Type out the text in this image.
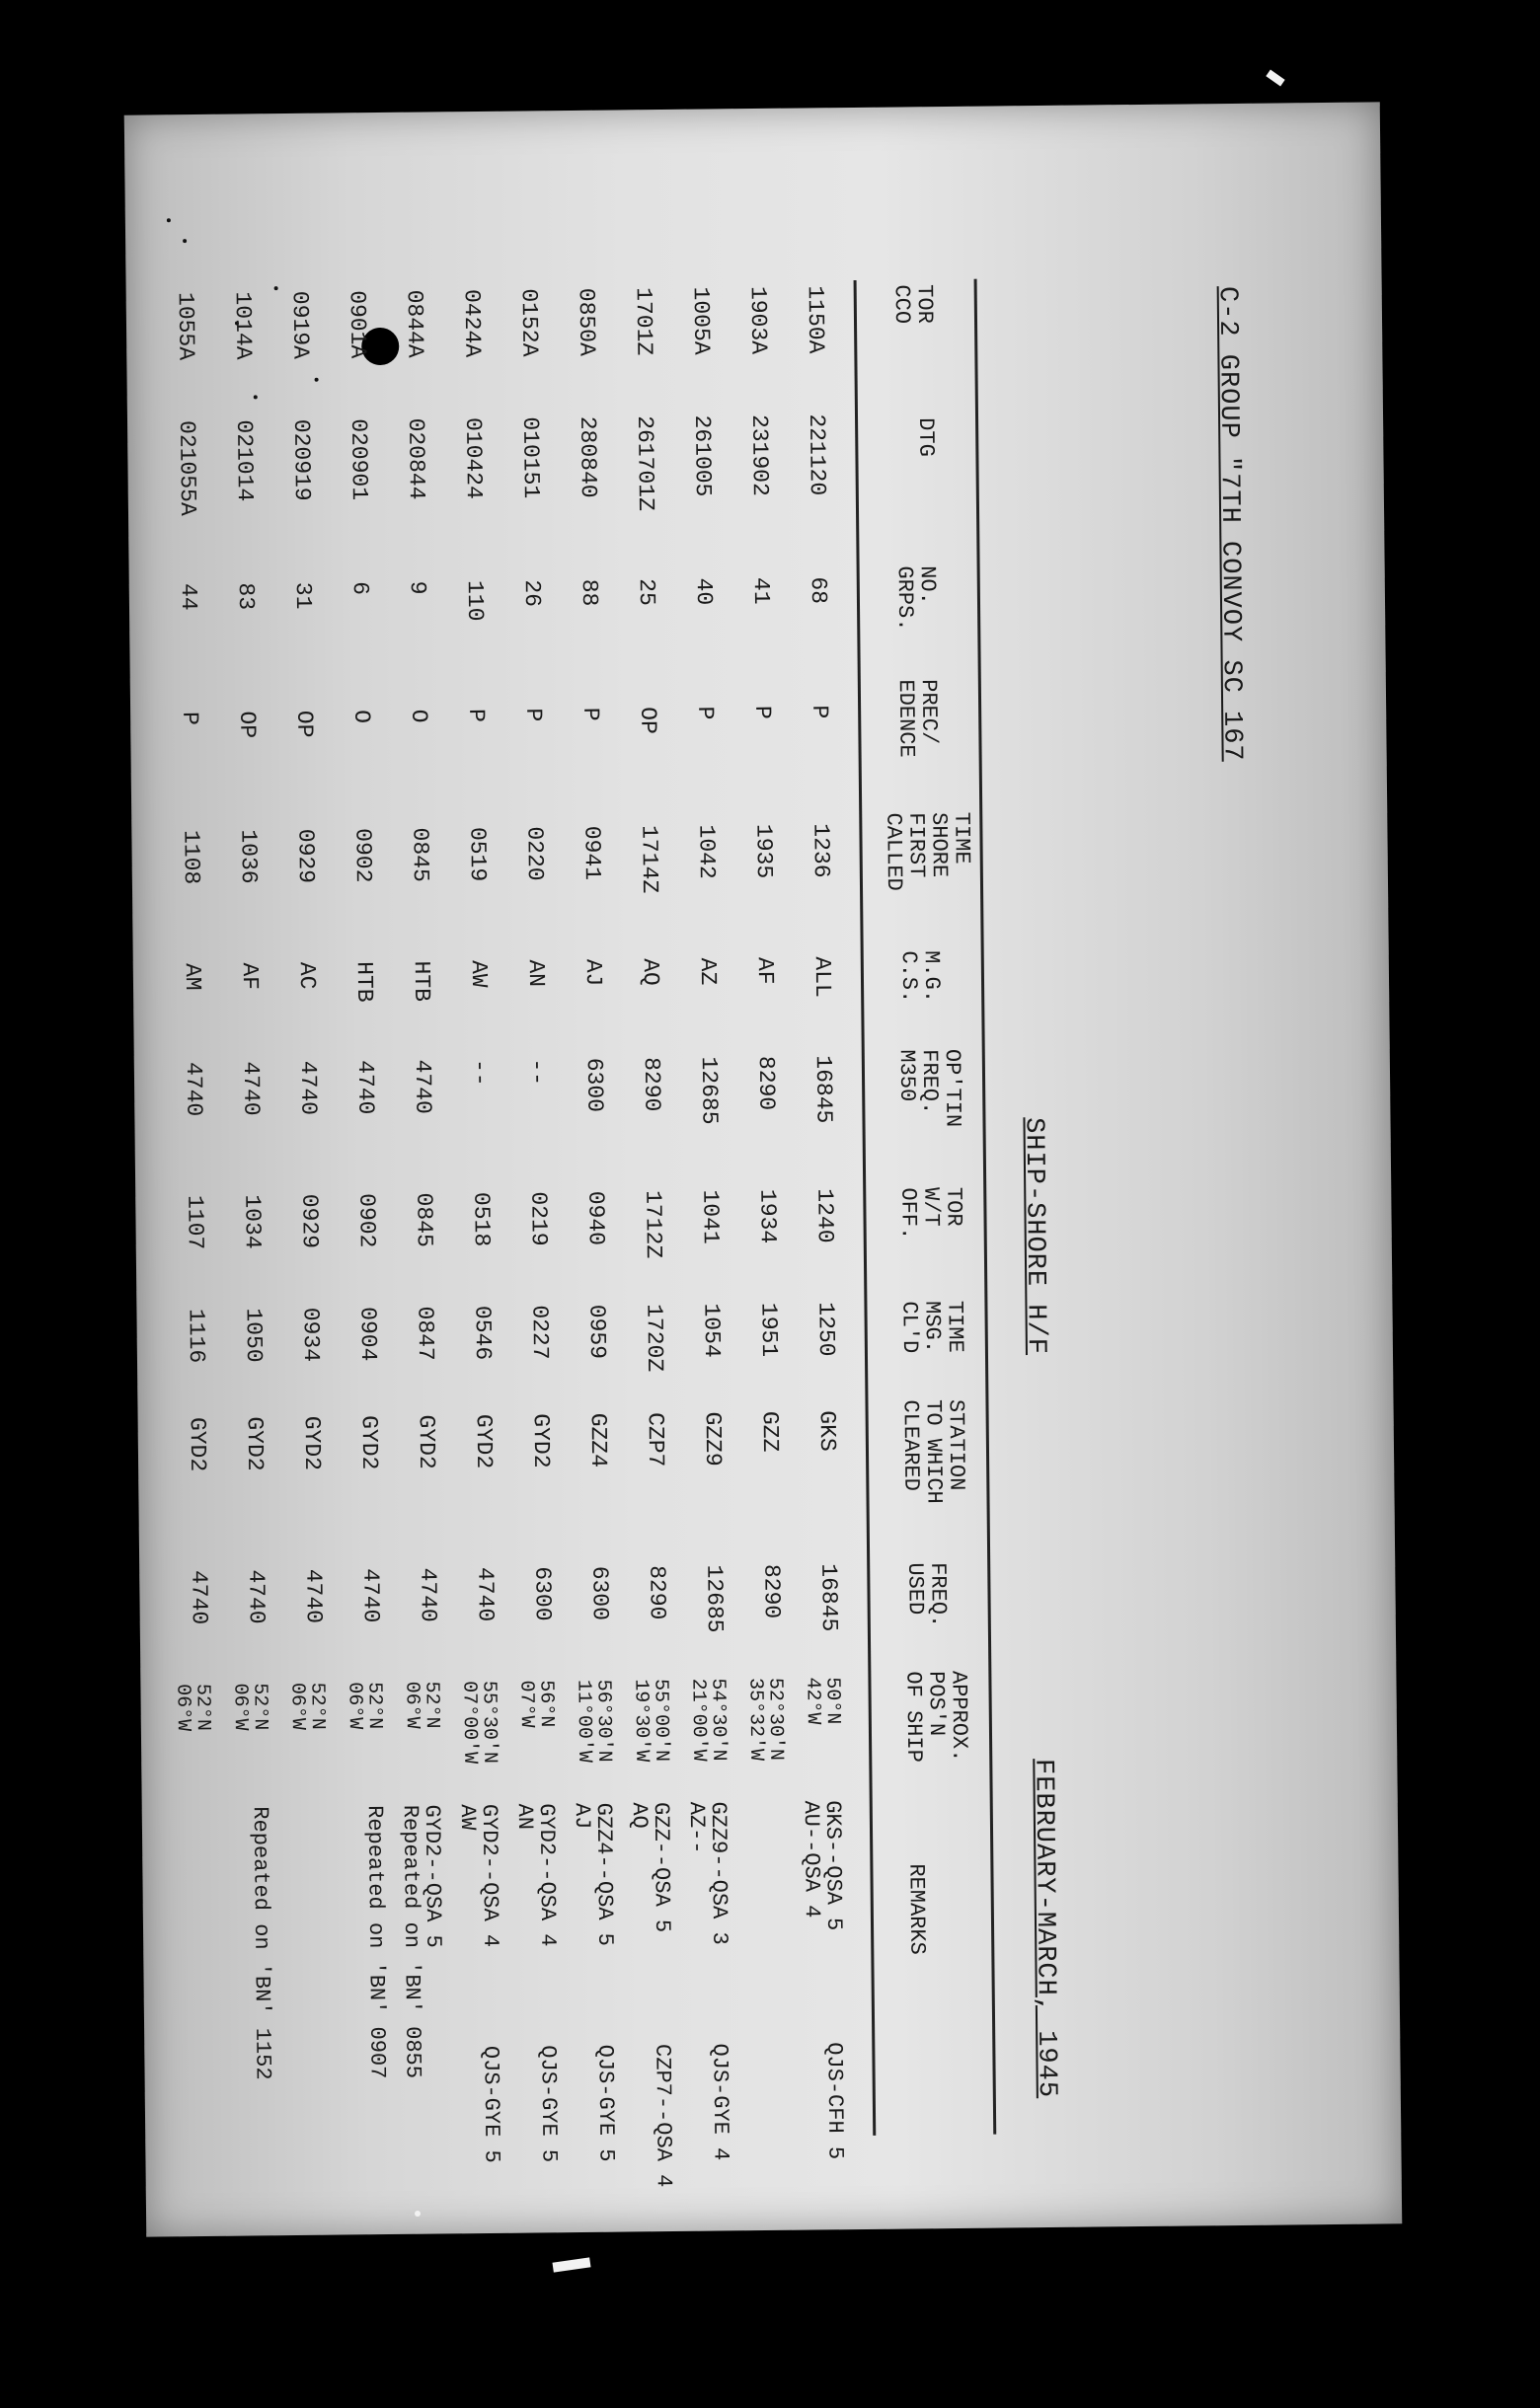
C-2 GROUP "7TH CONVOY SC 167
SHIP-SHORE H/F
FEBRUARY-MARCH, 1945
TOR
CCO
DTG
NO.
GRPS.
PREC/
EDENCE
TIME
SHORE
FIRST
CALLED
M.G.
C.S.
OP'TIN
FREQ.
M350
TOR
W/T
OFF.
TIME
MSG.
CL'D
STATION
TO WHICH
CLEARED
FREQ.
USED
APPROX.
POS'N
OF SHIP
REMARKS
1150A
221120
68
P
1236
ALL
16845
1240
1250
GKS
16845
50°N
42°W
GKS--QSA 5
AU--QSA 4
QJS-CFH 5
1903A
231902
41
P
1935
AF
8290
1934
1951
GZZ
8290
52°30'N
35°32'W
1005A
261005
40
P
1042
AZ
12685
1041
1054
GZZ9
12685
54°30'N
21°00'W
GZZ9--QSA 3
AZ--
QJS-GYE 4
1701Z
261701Z
25
OP
1714Z
AQ
8290
1712Z
1720Z
CZP7
8290
55°00'N
19°30'W
GZZ--QSA 5
AQ
CZP7--QSA 4
0850A
280840
88
P
0941
AJ
6300
0940
0959
GZZ4
6300
56°30'N
11°00'W
GZZ4--QSA 5
AJ
QJS-GYE 5
0152A
010151
26
P
0220
AN
--
0219
0227
GYD2
6300
56°N
07°W
GYD2--QSA 4
AN
QJS-GYE 5
0424A
010424
110
P
0519
AW
--
0518
0546
GYD2
4740
55°30'N
07°00'W
GYD2--QSA 4
AW
QJS-GYE 5
0844A
020844
9
O
0845
HTB
4740
0845
0847
GYD2
4740
52°N
06°W
GYD2--QSA 5
Repeated on 'BN' 0855
0901A
020901
6
O
0902
HTB
4740
0902
0904
GYD2
4740
52°N
06°W
Repeated on 'BN' 0907
0919A
020919
31
OP
0929
AC
4740
0929
0934
GYD2
4740
52°N
06°W
1014A
021014
83
OP
1036
AF
4740
1034
1050
GYD2
4740
52°N
06°W
Repeated on 'BN' 1152
1055A
021055A
44
P
1108
AM
4740
1107
1116
GYD2
4740
52°N
06°W
